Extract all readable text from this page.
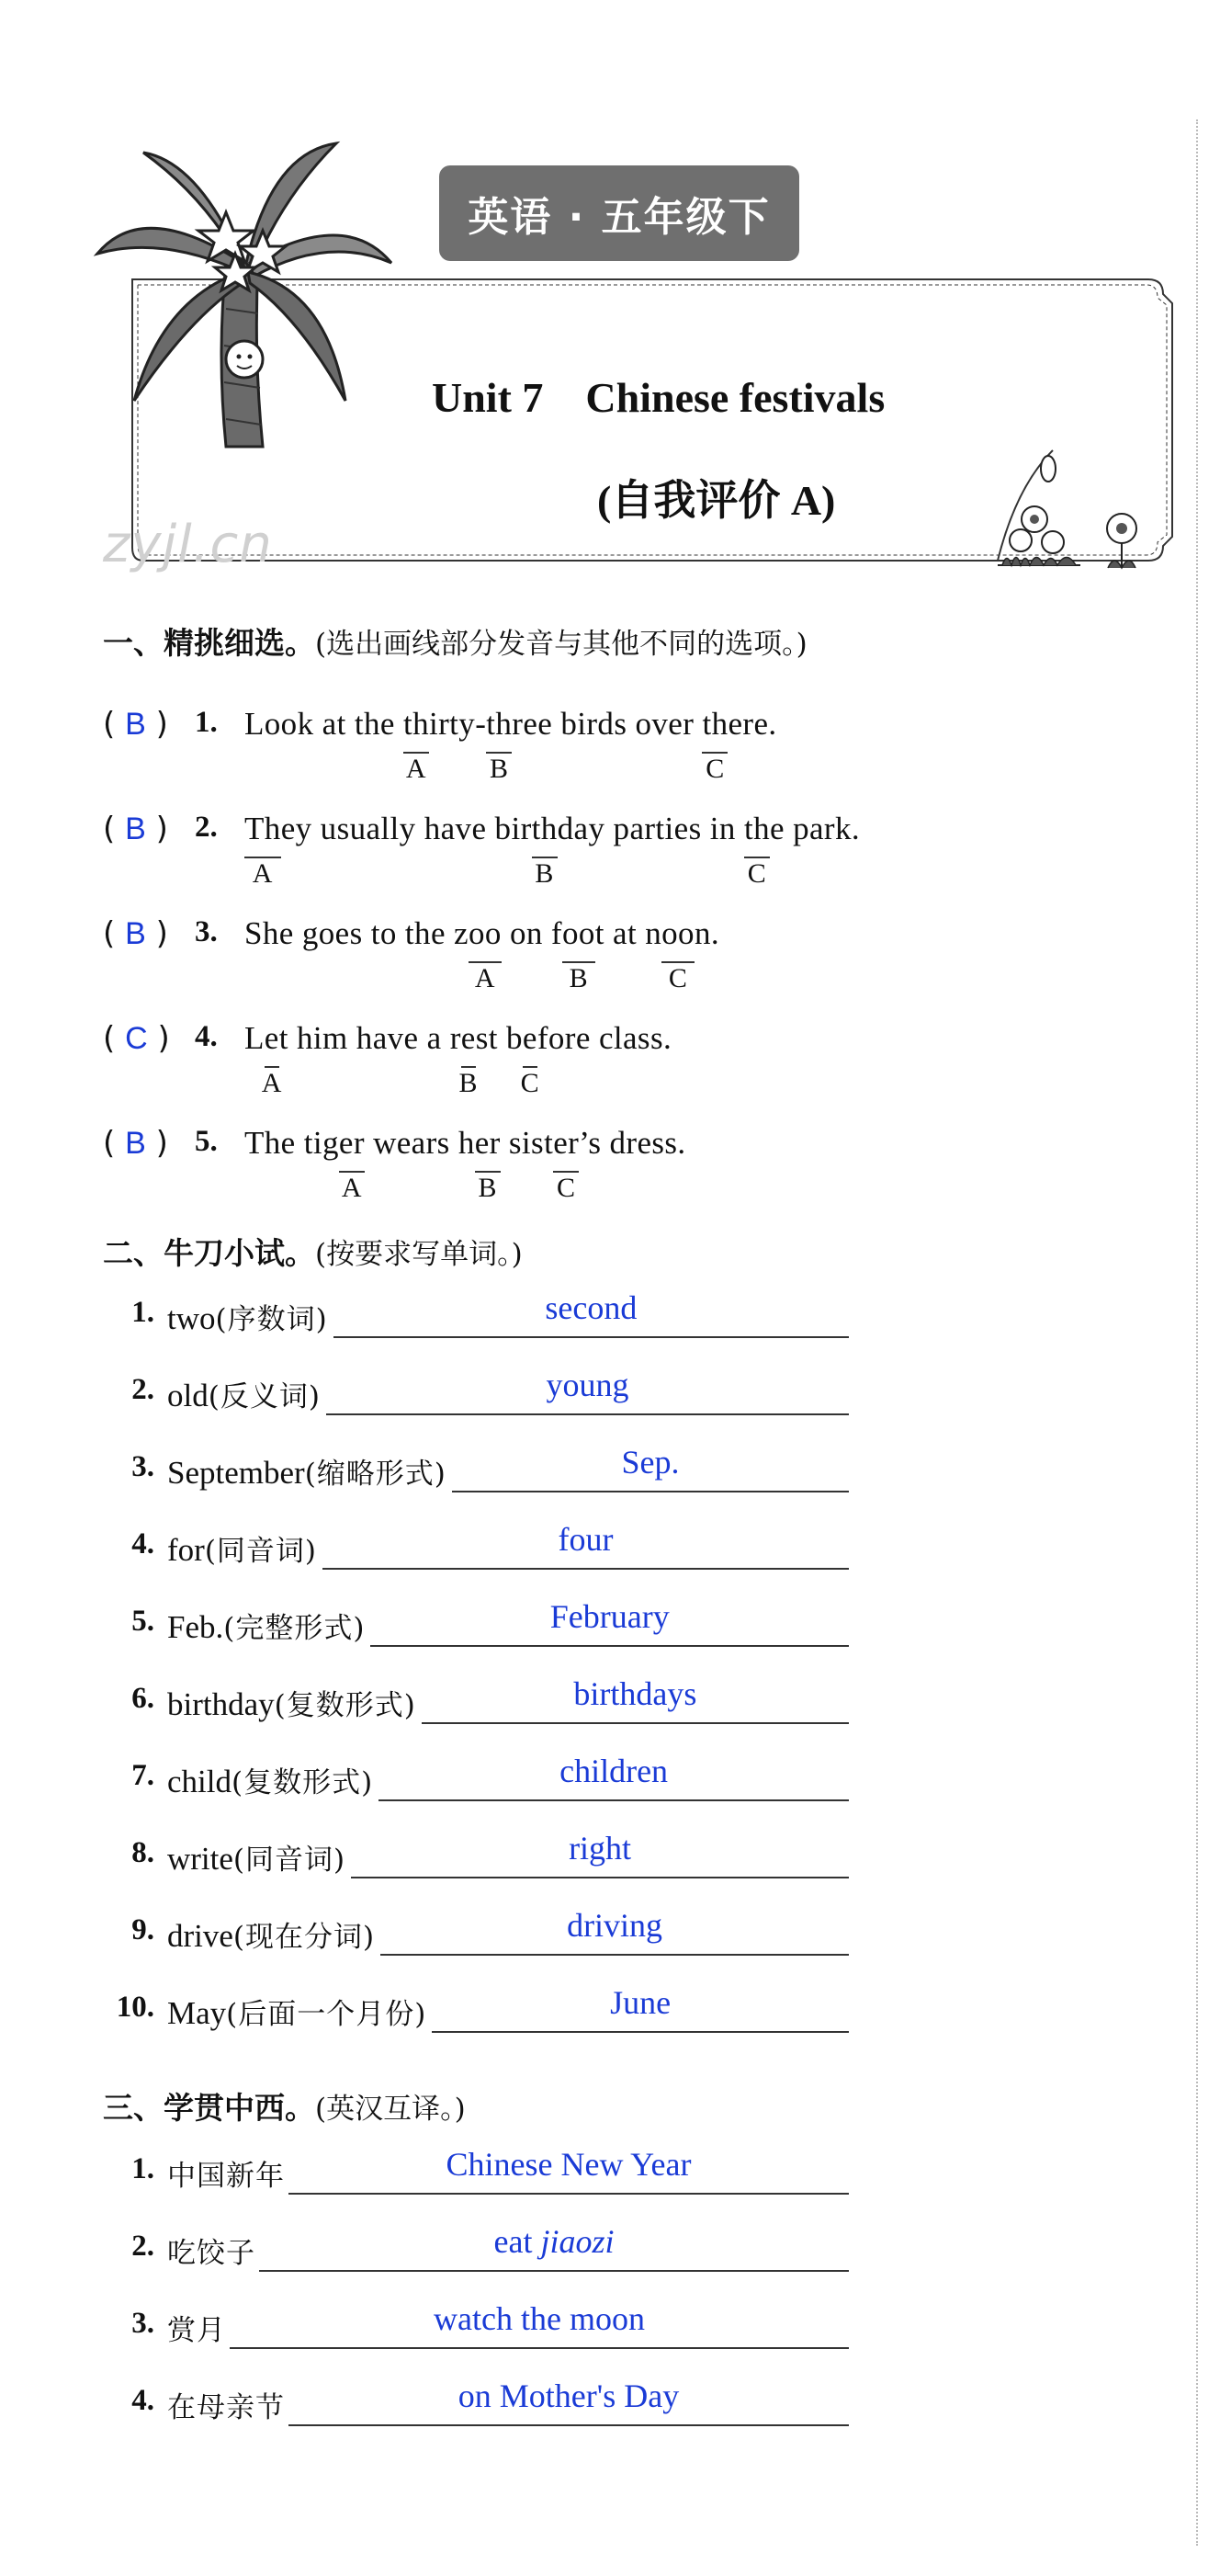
英语 · 五年级下
Unit 7    Chinese festivals
(自我评价 A)
zyjl.cn
一、精挑细选。(选出画线部分发音与其他不同的选项。)
( B ) 1. Look at the th
A
irty-th
B
ree birds over th
C
ere.
( B ) 2. Th
A
ey usually have birth
B
day parties in th
C
e park.
( B ) 3. She goes to the zoo
A
on foo
B
t at noo
C
n.
( C ) 4. Le
A
t him have a re
B
st be
C
fore class.
( B ) 5. The tiger
A
wears her
B
sister
C
’s dress.
二、牛刀小试。(按要求写单词。)
1. two(序数词)	second
2. old(反义词)	young
3. September(缩略形式)	Sep.
4. for(同音词)	four
5. Feb.(完整形式)	February
6. birthday(复数形式)	birthdays
7. child(复数形式)	children
8. write(同音词)	right
9. drive(现在分词)	driving
10. May(后面一个月份)	June
三、学贯中西。(英汉互译。)
1. 中国新年	Chinese New Year
2. 吃饺子	eat jiaozi
3. 赏月	watch the moon
4. 在母亲节	on Mother's Day
